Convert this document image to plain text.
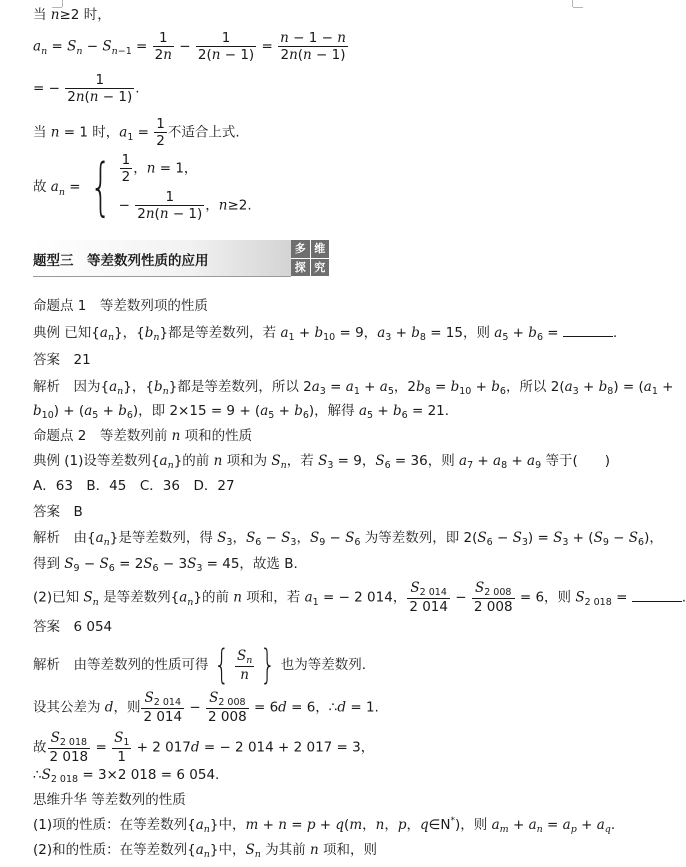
当 n≥2 时，
$a_n = S_n - S_{n-1} = \frac{1}{2n} - \frac{1}{2(n - 1)} = \frac{n - 1 - n}{2n(n - 1)}$
= − $\frac{1}{2n(n - 1)}$ .
当 n = 1 时，$a_1 = \frac{1}{2}$ 不适合上式.
故 $a_n$ = { $\frac{1}{2}$ ，n = 1，
− $\frac{1}{2n(n - 1)}$ ，n≥2.
题型三　等差数列性质的应用
多 维
探 究
命题点 1　等差数列项的性质
典例 已知$\{a_n\}$，$\{b_n\}$都是等差数列，若 $a_1 + b_{10} = 9$，$a_3 + b_8 = 15$，则 $a_5 + b_6$ =	.
答案　21
解析　因为$\{a_n\}$，$\{b_n\}$都是等差数列，所以 $2a_3 = a_1 + a_5$，$2b_8 = b_{10} + b_6$，所以 $2(a_3 + b_8) = (a_1$ +
$b_{10}) + (a_5 + b_6)$，即 $2\times 15 = 9 + (a_5 + b_6)$，解得 $a_5 + b_6 = 21$.
命题点 2　等差数列前 n 项和的性质
典例 (1)设等差数列$\{a_n\}$的前 n 项和为 $S_n$，若 $S_3 = 9$，$S_6 = 36$，则 $a_7 + a_8 + a_9$ 等于(　　)
A．63　B．45　C．36　D．27
答案　B
解析　由$\{a_n\}$是等差数列，得 $S_3$，$S_6 - S_3$，$S_9 - S_6$ 为等差数列，即 $2(S_6 - S_3) = S_3 + (S_9 - S_6)$，
得到 $S_9 - S_6 = 2S_6 - 3S_3 = 45$，故选 B.
(2)已知 $S_n$ 是等差数列$\{a_n\}$的前 n 项和，若 $a_1$ = − 2 014， $\frac{S_{2 014}}{2 014} - \frac{S_{2 008}}{2 008} = 6$，则 $S_{2 018}$ =	.
答案　6 054
解析　由等差数列的性质可得 { $\frac{S_n}{n}$ } 也为等差数列.
设其公差为 d，则 $\frac{S_{2 014}}{2 014} - \frac{S_{2 008}}{2 008} = 6d = 6$，∴d = 1.
故 $\frac{S_{2 018}}{2 018} = \frac{S_1}{1} + 2$ 017d = − 2 014 + 2 017 = 3，
$\therefore S_{2 018} = 3\times 2$ 018 = 6 054.
思维升华 等差数列的性质
(1)项的性质：在等差数列$\{a_n\}$中，m + n = p + q(m，n，p，q∈N*)，则 $a_m + a_n = a_p + a_q$.
(2)和的性质：在等差数列$\{a_n\}$中，$S_n$ 为其前 n 项和，则
